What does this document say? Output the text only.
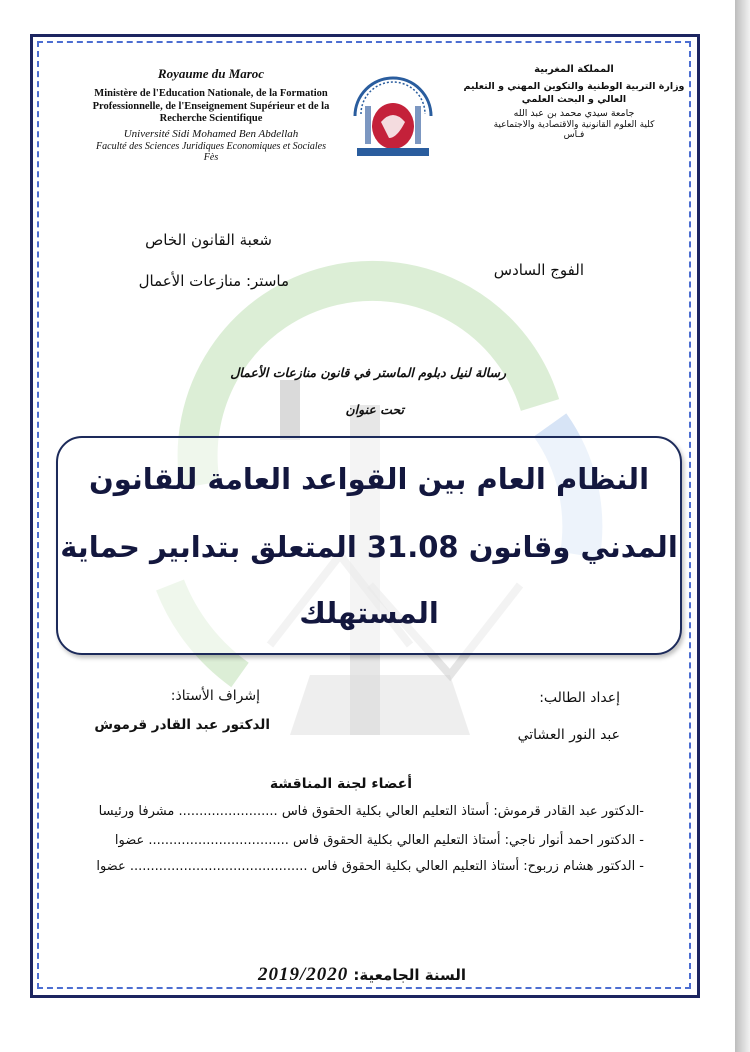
Royaume du Maroc
Ministère de l'Education Nationale, de la Formation Professionnelle, de l'Enseignement Supérieur et de la Recherche Scientifique
Université Sidi Mohamed Ben Abdellah
Faculté des Sciences Juridiques Economiques et Sociales
Fès
المملكة المغربية
وزارة التربية الوطنية والتكوين المهني و التعليم العالي و البحث العلمي
جامعة سيدي محمد بن عبد الله
كلية العلوم القانونية والاقتصادية والاجتماعية
فـاس
شعبة القانون الخاص
ماستر: منازعات الأعمال
الفوج السادس
رسالة لنيل دبلوم الماستر في قانون منازعات الأعمال
تحت عنوان
النظام العام بين القواعد العامة للقانون
المدني وقانون 31.08 المتعلق بتدابير حماية
المستهلك
إشراف الأستاذ:
الدكتور عبد القادر قرموش
إعداد الطالب:
عبد النور العشاتي
أعضاء لجنة المناقشة
-الدكتور عبد القادر قرموش: أستاذ التعليم العالي بكلية الحقوق فاس ........................ مشرفا ورئيسا
- الدكتور احمد أنوار ناجي: أستاذ التعليم العالي بكلية الحقوق فاس .................................. عضوا
- الدكتور هشام زربوح: أستاذ التعليم العالي بكلية الحقوق فاس ........................................... عضوا
2019/2020 السنة الجامعية:
